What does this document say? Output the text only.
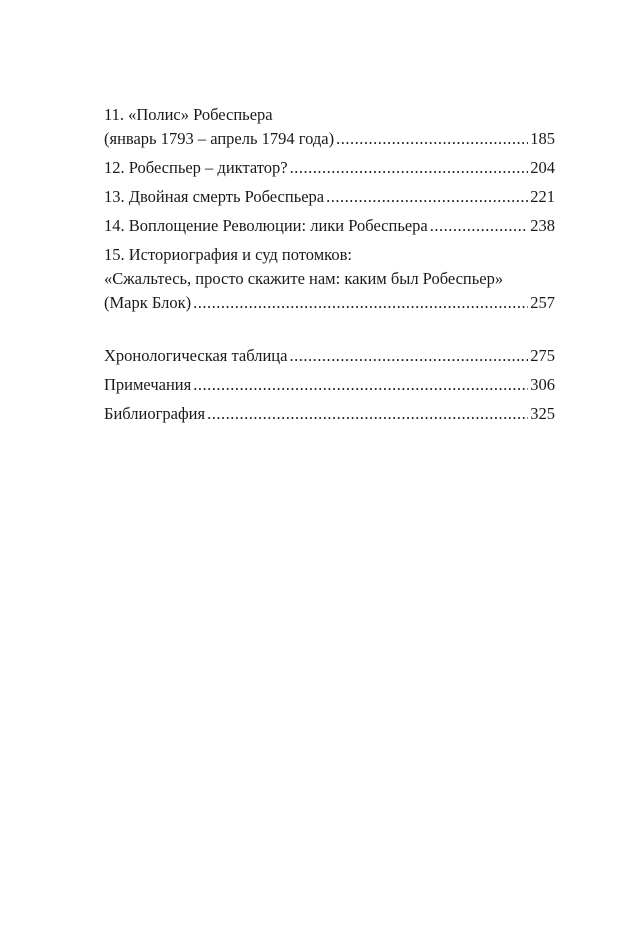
11. «Полис» Робеспьера
(январь 1793 – апрель 1794 года) .....	185
12. Робеспьер – диктатор? .....	204
13. Двойная смерть Робеспьера .....	221
14. Воплощение Революции: лики Робеспьера .....	238
15. Историография и суд потомков:
«Сжальтесь, просто скажите нам: каким был Робеспьер»
(Марк Блок) .....	257
Хронологическая таблица .....	275
Примечания .....	306
Библиография .....	325
